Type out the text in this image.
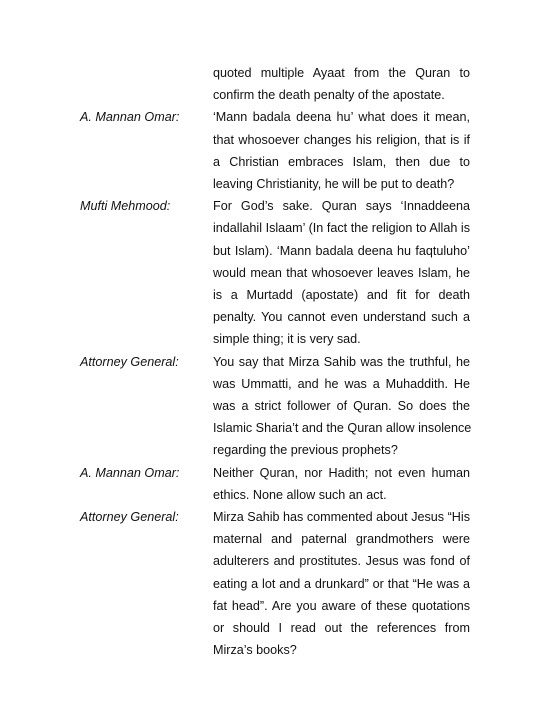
quoted multiple Ayaat from the Quran to
confirm the death penalty of the apostate.
A. Mannan Omar:	‘Mann badala deena hu’ what does it mean,
that whosoever changes his religion, that is if
a Christian embraces Islam, then due to
leaving Christianity, he will be put to death?
Mufti Mehmood:	For God’s sake. Quran says ‘Innaddeena
indallahil Islaam’ (In fact the religion to Allah is
but Islam). ‘Mann badala deena hu faqtuluho’
would mean that whosoever leaves Islam, he
is a Murtadd (apostate) and fit for death
penalty. You cannot even understand such a
simple thing; it is very sad.
Attorney General:	You say that Mirza Sahib was the truthful, he
was Ummatti, and he was a Muhaddith. He
was a strict follower of Quran. So does the
Islamic Sharia’t and the Quran allow insolence
regarding the previous prophets?
A. Mannan Omar:	Neither Quran, nor Hadith; not even human
ethics. None allow such an act.
Attorney General:	Mirza Sahib has commented about Jesus “His
maternal and paternal grandmothers were
adulterers and prostitutes. Jesus was fond of
eating a lot and a drunkard” or that “He was a
fat head”. Are you aware of these quotations
or should I read out the references from
Mirza’s books?
